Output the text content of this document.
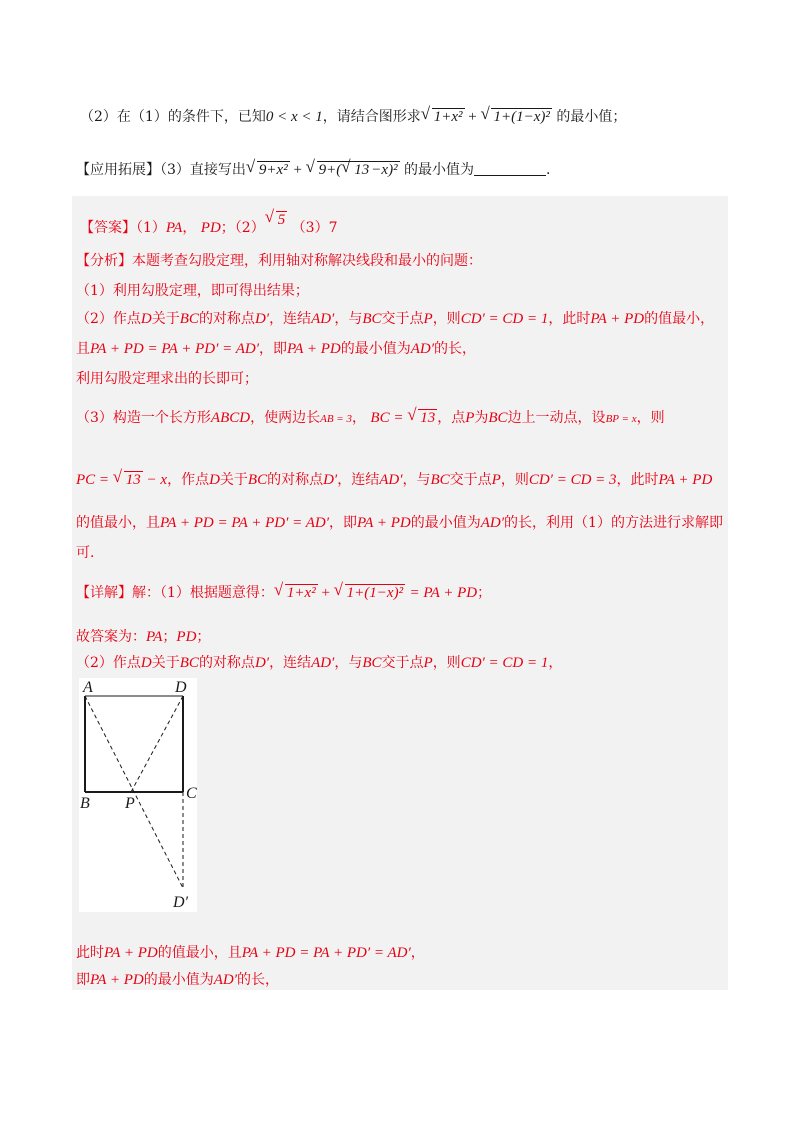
（2）在（1）的条件下，已知0 < x < 1，请结合图形求 √ 1+x² + √ 1+(1−x)² 的最小值；
【应用拓展】（3）直接写出 √ 9+x² + √ 9+( √ 13 −x)² 的最小值为	.
【答案】（1）PA， PD；（2） √ 5 （3）7
【分析】本题考查勾股定理，利用轴对称解决线段和最小的问题：
（1）利用勾股定理，即可得出结果；
（2）作点D关于BC的对称点D′，连结AD′，与BC交于点P，则CD′ = CD = 1，此时PA + PD的值最小，
且PA + PD = PA + PD′ = AD′，即PA + PD的最小值为AD′的长，
利用勾股定理求出的长即可；
（3）构造一个长方形ABCD，使两边长AB = 3， BC = √ 13 ，点P为BC边上一动点，设BP = x，则
PC = √ 13 − x，作点D关于BC的对称点D′，连结AD′，与BC交于点P，则CD′ = CD = 3，此时PA + PD
的值最小，且PA + PD = PA + PD′ = AD′，即PA + PD的最小值为AD′的长，利用（1）的方法进行求解即
可.
【详解】解：（1）根据题意得： √ 1+x² + √ 1+(1−x)² = PA + PD；
故答案为：PA；PD；
（2）作点D关于BC的对称点D′，连结AD′，与BC交于点P，则CD′ = CD = 1，
A	D
B P
C
D′
此时PA + PD的值最小，且PA + PD = PA + PD′ = AD′，
即PA + PD的最小值为AD′的长，
